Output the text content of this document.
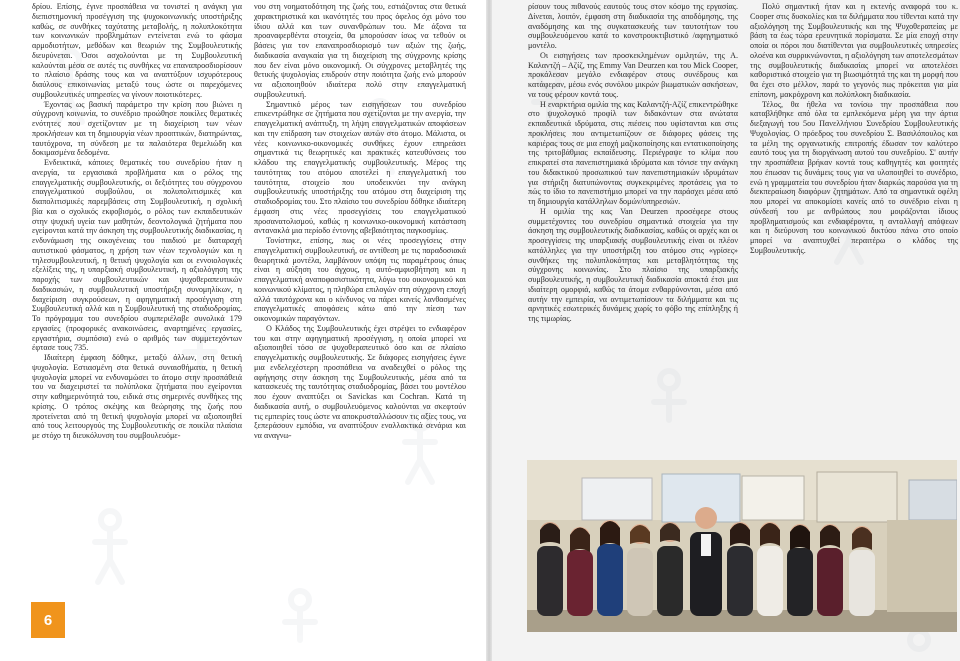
δρίου. Επίσης, έγινε προσπάθεια να τονιστεί η ανάγκη για διεπιστημονική προσέγγιση της ψυχοκοινωνικής υποστήριξης καθώς, σε συνθήκες ταχύτατης μεταβολής, η πολυπλοκότητα των κοινωνικών προβλημάτων εντείνεται ενώ το φάσμα αρμοδιοτήτων, μεθόδων και θεωριών της Συμβουλευτικής διευρύνεται. Όσοι ασχολούνται με τη Συμβουλευτική καλούνται μέσα σε αυτές τις συνθήκες να επαναπροσδιορίσουν το πλαίσιο δράσης τους και να αναπτύξουν ισχυρότερους διαύλους επικοινωνίας μεταξύ τους ώστε οι παρεχόμενες συμβουλευτικές υπηρεσίες να γίνουν ποιοτικότερες.

Έχοντας ως βασική παράμετρο την κρίση που βιώνει η σύγχρονη κοινωνία, το συνέδριο προώθησε ποικίλες θεματικές ενότητες που σχετίζονταν με τη διαχείριση των νέων προκλήσεων και τη δημιουργία νέων προοπτικών, διατηρώντας, ταυτόχρονα, τη σύνδεση με τα παλαιότερα θεμελιώδη και δοκιμασμένα δεδομένα.

Ενδεικτικά, κάποιες θεματικές του συνεδρίου ήταν η ανεργία, τα εργασιακά προβλήματα και ο ρόλος της επαγγελματικής συμβουλευτικής, οι δεξιότητες του σύγχρονου επαγγελματικού συμβούλου, οι πολυπολιτισμικές και διαπολιτισμικές παρεμβάσεις στη Συμβουλευτική, η σχολική βία και ο σχολικός εκφοβισμός, ο ρόλος των εκπαιδευτικών στην ψυχική υγεία των μαθητών, δεοντολογικά ζητήματα που εγείρονται κατά την άσκηση της συμβουλευτικής διαδικασίας, η ενδυνάμωση της οικογένειας του παιδιού με διαταραχή αυτιστικού φάσματος, η χρήση των νέων τεχνολογιών και η τηλεσυμβουλευτική, η θετική ψυχολογία και οι εννοιολογικές εξελίξεις της, η υπαρξιακή συμβουλευτική, η αξιολόγηση της παροχής των συμβουλευτικών και ψυχοθεραπευτικών διαδικασιών, η συμβουλευτική υποστήριξη συνομηλίκων, η διαχείριση συγκρούσεων, η αφηγηματική προσέγγιση στη Συμβουλευτική αλλά και η Συμβουλευτική της σταδιοδρομίας. Το πρόγραμμα του συνεδρίου συμπεριέλαβε συνολικά 179 εργασίες (προφορικές ανακοινώσεις, αναρτημένες εργασίες, εργαστήρια, συμπόσια) ενώ ο αριθμός των συμμετεχόντων έφτασε τους 735.

Ιδιαίτερη έμφαση δόθηκε, μεταξύ άλλων, στη θετική ψυχολογία. Εστιασμένη στα θετικά συναισθήματα, η θετική ψυχολογία μπορεί να ενδυναμώσει το άτομο στην προσπάθειά του να διαχειριστεί τα πολύπλοκα ζητήματα που εγείρονται στην καθημερινότητά του, ειδικά στις σημερινές συνθήκες της κρίσης. Ο τρόπος σκέψης και θεώρησης της ζωής που προτείνεται από τη θετική ψυχολογία μπορεί να αξιοποιηθεί από τους λειτουργούς της Συμβουλευτικής σε ποικίλα πλαίσια με στόχο τη διευκόλυνση του συμβουλευόμε-

νου στη νοηματοδότηση της ζωής του, εστιάζοντας στα θετικά χαρακτηριστικά και ικανότητές του προς όφελος όχι μόνο του ίδιου αλλά και των συνανθρώπων του. Με άξονα τα προαναφερθέντα στοιχεία, θα μπορούσαν ίσως να τεθούν οι βάσεις για τον επαναπροσδιορισμό των αξιών της ζωής, διαδικασία αναγκαία για τη διαχείριση της σύγχρονης κρίσης που δεν είναι μόνο οικονομική. Οι σύγχρονες μεταβλητές της θετικής ψυχολογίας επιδρούν στην ποιότητα ζωής ενώ μπορούν να αξιοποιηθούν ιδιαίτερα πολύ στην επαγγελματική συμβουλευτική.

Σημαντικό μέρος των εισηγήσεων του συνεδρίου επικεντρώθηκε σε ζητήματα που σχετίζονται με την ανεργία, την επαγγελματική ανάπτυξη, τη λήψη επαγγελματικών αποφάσεων και την επίδραση των στοιχείων αυτών στο άτομο. Μάλιστα, οι νέες κοινωνικο-οικονομικές συνθήκες έχουν επηρεάσει σημαντικά τις θεωρητικές και πρακτικές κατευθύνσεις του κλάδου της επαγγελματικής συμβουλευτικής. Μέρος της ταυτότητας του ατόμου αποτελεί η επαγγελματική του ταυτότητα, στοιχείο που υποδεικνύει την ανάγκη συμβουλευτικής υποστήριξης του ατόμου στη διαχείριση της σταδιοδρομίας του. Στο πλαίσιο του συνεδρίου δόθηκε ιδιαίτερη έμφαση στις νέες προσεγγίσεις του επαγγελματικού προσανατολισμού, καθώς η κοινωνικο-οικονομική κατάσταση αντανακλά μια περίοδο έντονης αβεβαιότητας παγκοσμίως.

Τονίστηκε, επίσης, πως οι νέες προσεγγίσεις στην επαγγελματική συμβουλευτική, σε αντίθεση με τις παραδοσιακά θεωρητικά μοντέλα, λαμβάνουν υπόψη τις παραμέτρους όπως είναι η αύξηση του άγχους, η αυτό-αμφισβήτηση και η επαγγελματική αναποφασιστικότητα, λόγω του οικονομικού και κοινωνικού κλίματος, η πληθώρα επιλογών στη σύγχρονη εποχή αλλά ταυτόχρονα και ο κίνδυνος να πάρει κανείς λανθασμένες επαγγελματικές αποφάσεις κάτω από την πίεση των οικονομικών παραγόντων.

Ο Κλάδος της Συμβουλευτικής έχει στρέψει το ενδιαφέρον του και στην αφηγηματική προσέγγιση, η οποία μπορεί να αξιοποιηθεί τόσο σε ψυχοθεραπευτικό όσο και σε πλαίσιο επαγγελματικής συμβουλευτικής. Σε διάφορες εισηγήσεις έγινε μια ενδελεχέστερη προσπάθεια να αναδειχθεί ο ρόλος της αφήγησης στην άσκηση της Συμβουλευτικής, μέσα από τα κατασκευές της ταυτότητας σταδιοδρομίας, βάσει του μοντέλου που έχουν αναπτύξει οι Savickas και Cochran. Κατά τη διαδικασία αυτή, ο συμβουλευόμενος καλούνται να σκεφτούν τις εμπειρίες τους ώστε να αποκρυσταλλώσουν τις αξίες τους, να ξεπεράσουν εμπόδια, να αναπτύξουν εναλλακτικά σενάρια και να αναγνω-

6

ρίσουν τους πιθανούς εαυτούς τους στον κόσμο της εργασίας. Δίνεται, λοιπόν, έμφαση στη διαδικασία της αποδόμησης, της αναδόμησης και της συγκατασκευής των ταυτοτήτων του συμβουλευόμενου κατά το κονστρουκτιβιστικό /αφηγηματικό μοντέλο.

Οι εισηγήσεις των προσκεκλημένων ομιλητών, της Α. Καλαντζή – Αζίζ, της Emmy Van Deurzen και του Mick Cooper, προκάλεσαν μεγάλο ενδιαφέρον στους συνέδρους και κατάφεραν, μέσω ενός συνόλου μικρών βιωματικών ασκήσεων, να τους φέρουν κοντά τους.

Η εναρκτήρια ομιλία της κας Καλαντζή-Αζίζ επικεντρώθηκε στο ψυχολογικό προφίλ των διδακόντων στα ανώτατα εκπαιδευτικά ιδρύματα, στις πιέσεις που υφίστανται και στις προκλήσεις που αντιμετωπίζουν σε διάφορες φάσεις της καριέρας τους σε μια εποχή μαζικοποίησης και εντατικοποίησης της τριτοβάθμιας εκπαίδευσης. Περιέγραψε το κλίμα που επικρατεί στα πανεπιστημιακά ιδρύματα και τόνισε την ανάγκη του διδακτικού προσωπικού των πανεπιστημιακών ιδρυμάτων για στήριξη διατυπώνοντας συγκεκριμένες προτάσεις για το πώς το ίδιο το πανεπιστήμιο μπορεί να την παράσχει μέσα από τη δημιουργία κατάλληλων δομών/υπηρεσιών.

Η ομιλία της κας Van Deurzen προσέφερε στους συμμετέχοντες του συνεδρίου σημαντικά στοιχεία για την άσκηση της συμβουλευτικής διαδικασίας, καθώς οι αρχές και οι προσεγγίσεις της υπαρξιακής συμβουλευτικής είναι οι πλέον κατάλληλες για την υποστήριξη του ατόμου στις «γρίσες» συνθήκες της πολυπλοκότητας και μεταβλητότητας της σύγχρονης κοινωνίας. Στο πλαίσιο της υπαρξιακής συμβουλευτικής, η συμβουλευτική διαδικασία αποκτά έτσι μια ιδιαίτερη ομορφιά, καθώς τα άτομα ενθαρρύνονται, μέσα από αυτήν την εμπειρία, να αντιμετωπίσουν τα διλήμματα και τις αρνητικές εσωτερικές δυνάμεις χωρίς το φόβο της επίπληξης ή της τιμωρίας.

Πολύ σημαντική ήταν και η εκτενής αναφορά του κ. Cooper στις δυσκολίες και τα διλήμματα που τίθενται κατά την αξιολόγηση της Συμβουλευτικής και της Ψυχοθεραπείας με βάση τα έως τώρα ερευνητικά πορίσματα. Σε μία εποχή στην οποία οι πόροι που διατίθενται για συμβουλευτικές υπηρεσίες ολοένα και συρρικνώνονται, η αξιολόγηση των αποτελεσμάτων της συμβουλευτικής διαδικασίας μπορεί να αποτελέσει καθοριστικό στοιχείο για τη βιωσιμότητά της και τη μορφή που θα έχει στο μέλλον, παρά το γεγονός πως πρόκειται για μία επίπονη, μακρόχρονη και πολύπλοκη διαδικασία.

Τέλος, θα ήθελα να τονίσω την προσπάθεια που καταβλήθηκε από όλα τα εμπλεκόμενα μέρη για την άρτια διεξαγωγή του 5ου Πανελλήνιου Συνεδρίου Συμβουλευτικής Ψυχολογίας. Ο πρόεδρος του συνεδρίου Σ. Βασιλόπουλος και τα μέλη της οργανωτικής επιτροπής έδωσαν τον καλύτερο εαυτό τους για τη διοργάνωση αυτού του συνεδρίου. Σ' αυτήν την προσπάθεια βρήκαν κοντά τους καθηγητές και φοιτητές που έπωσαν τις δυνάμεις τους για να υλοποιηθεί το συνέδριο, ενώ η γραμματεία του συνεδρίου ήταν διαρκώς παρούσα για τη διεκπεραίωση διαφόρων ζητημάτων. Από τα σημαντικά οφέλη που μπορεί να αποκομίσει κανείς από το συνέδριο είναι η σύνδεσή του με ανθρώπους που μοιράζονται ίδιους προβληματισμούς και ενδιαφέροντα, η ανταλλαγή απόψεων και η διεύρυνση του κοινωνικού δικτύου πάνω στο οποίο μπορεί να αναπτυχθεί περαιτέρω ο κλάδος της Συμβουλευτικής.
